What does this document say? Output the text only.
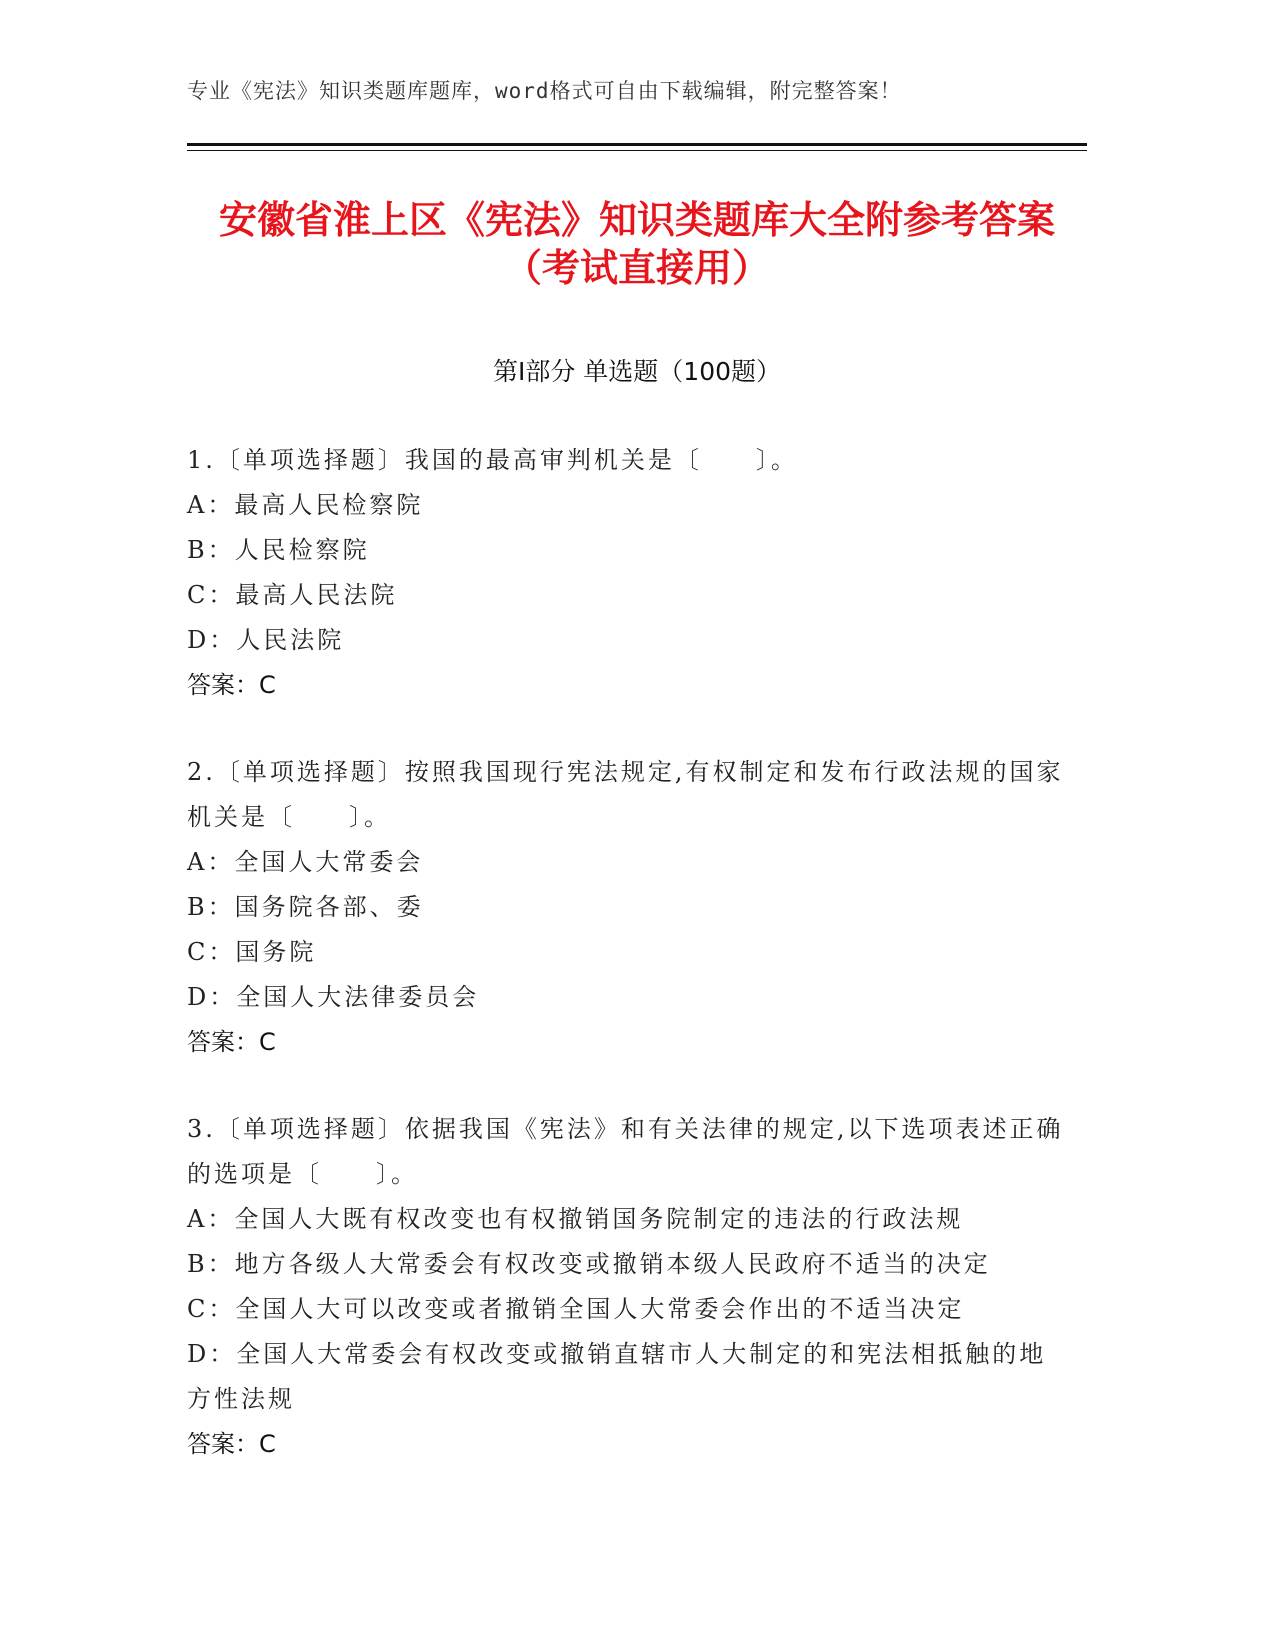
专业《宪法》知识类题库题库，word格式可自由下载编辑，附完整答案！
安徽省淮上区《宪法》知识类题库大全附参考答案（考试直接用）
第I部分 单选题（100题）
1.〔单项选择题〕我国的最高审判机关是〔　　〕。
A：最高人民检察院
B：人民检察院
C：最高人民法院
D：人民法院
答案：C
2.〔单项选择题〕按照我国现行宪法规定,有权制定和发布行政法规的国家机关是〔　　〕。
A：全国人大常委会
B：国务院各部、委
C：国务院
D：全国人大法律委员会
答案：C
3.〔单项选择题〕依据我国《宪法》和有关法律的规定,以下选项表述正确的选项是〔　　〕。
A：全国人大既有权改变也有权撤销国务院制定的违法的行政法规
B：地方各级人大常委会有权改变或撤销本级人民政府不适当的决定
C：全国人大可以改变或者撤销全国人大常委会作出的不适当决定
D：全国人大常委会有权改变或撤销直辖市人大制定的和宪法相抵触的地方性法规
答案：C
